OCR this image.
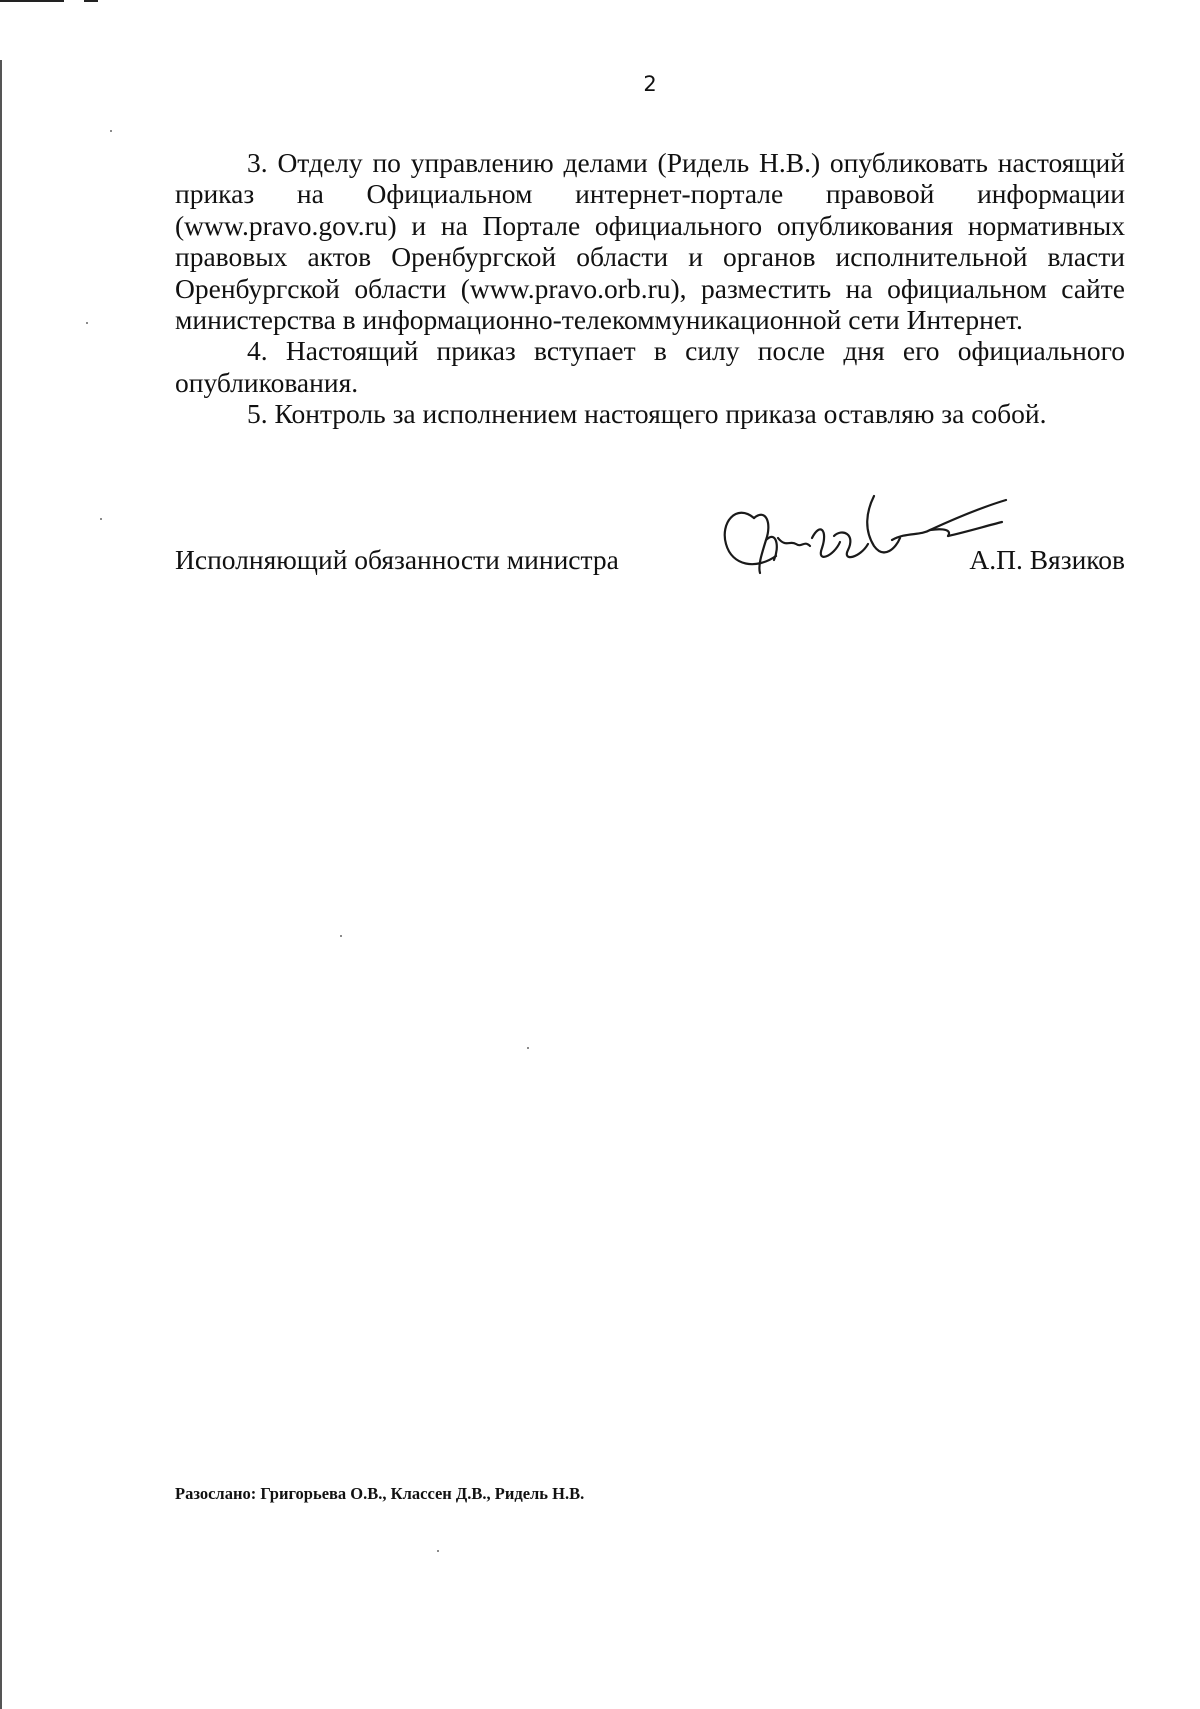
2

3. Отделу по управлению делами (Ридель Н.В.) опубликовать настоящий приказ на Официальном интернет-портале правовой информации (www.pravo.gov.ru) и на Портале официального опубликования нормативных правовых актов Оренбургской области и органов исполнительной власти Оренбургской области (www.pravo.orb.ru), разместить на официальном сайте министерства в информационно-телекоммуникационной сети Интернет.

4. Настоящий приказ вступает в силу после дня его официального опубликования.

5. Контроль за исполнением настоящего приказа оставляю за собой.

Исполняющий обязанности министра	А.П. Вязиков
Разослано: Григорьева О.В., Классен Д.В., Ридель Н.В.
